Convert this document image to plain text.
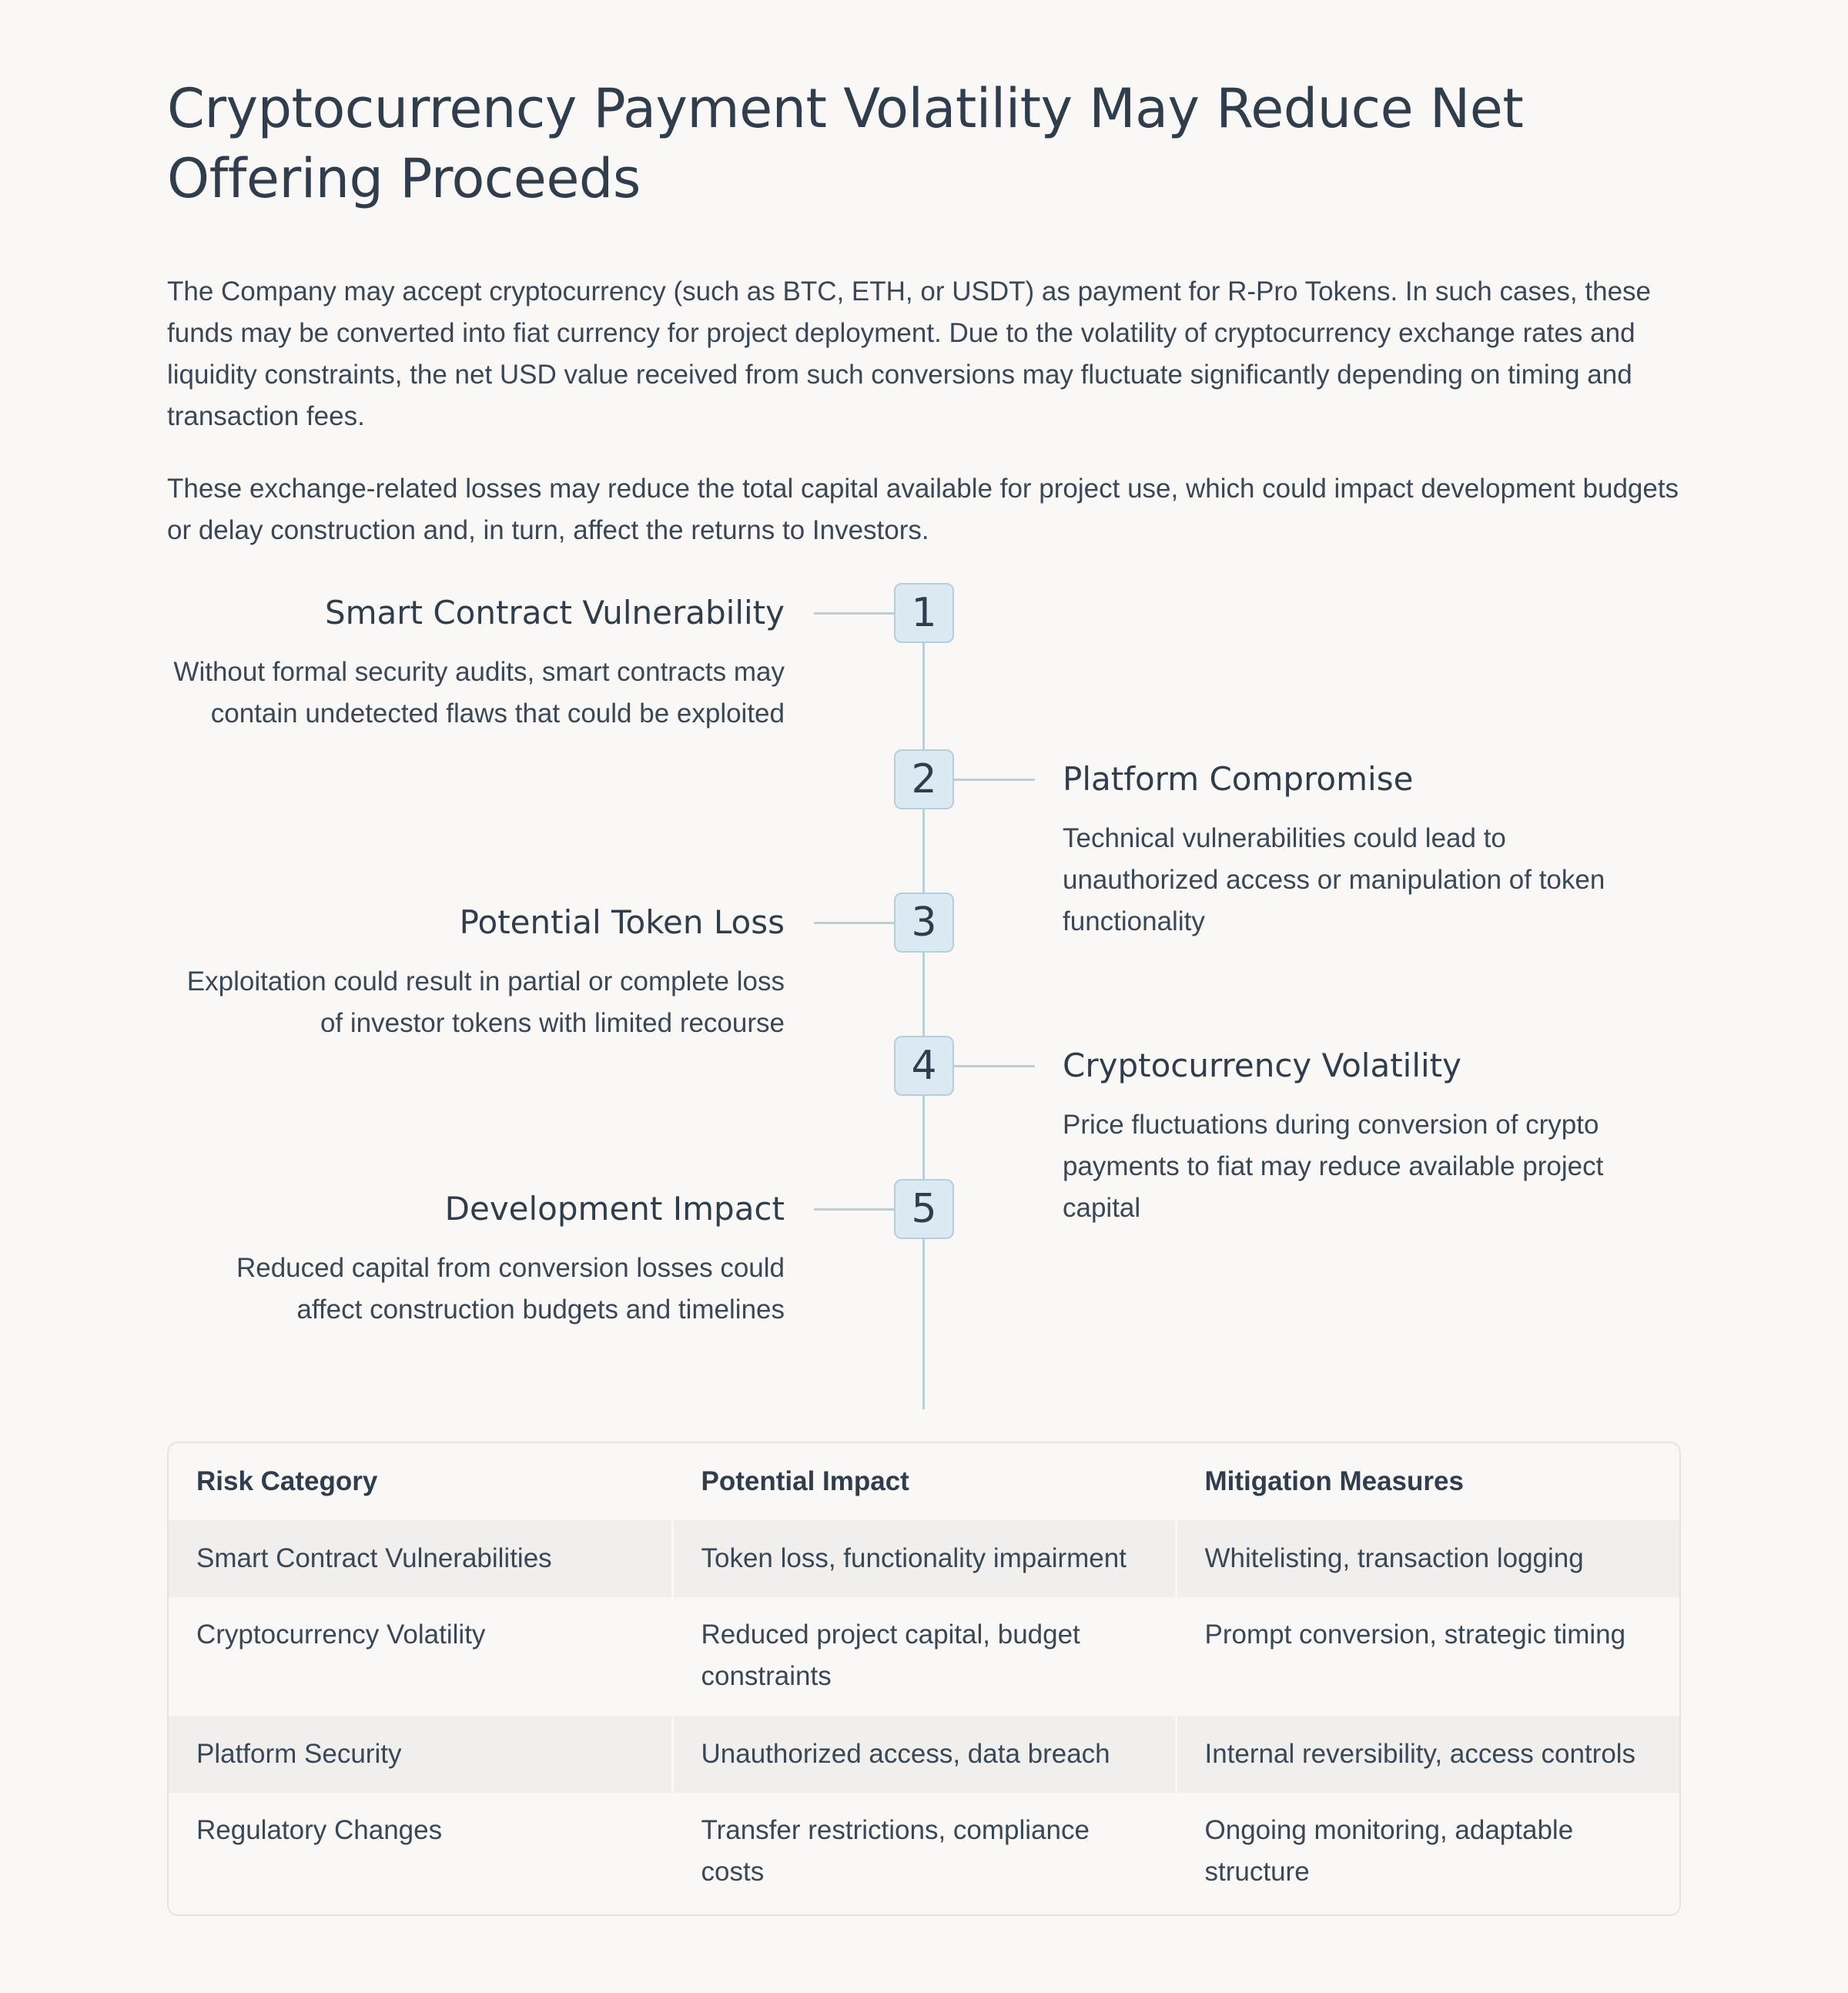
Cryptocurrency Payment Volatility May Reduce Net Offering Proceeds

The Company may accept cryptocurrency (such as BTC, ETH, or USDT) as payment for R-Pro Tokens. In such cases, these funds may be converted into fiat currency for project deployment. Due to the volatility of cryptocurrency exchange rates and liquidity constraints, the net USD value received from such conversions may fluctuate significantly depending on timing and transaction fees.

These exchange-related losses may reduce the total capital available for project use, which could impact development budgets or delay construction and, in turn, affect the returns to Investors.

1
Smart Contract Vulnerability
Without formal security audits, smart contracts may contain undetected flaws that could be exploited
2	Platform Compromise
Technical vulnerabilities could lead to unauthorized access or manipulation of token functionality
3
Potential Token Loss
Exploitation could result in partial or complete loss of investor tokens with limited recourse
4	Cryptocurrency Volatility
Price fluctuations during conversion of crypto payments to fiat may reduce available project capital
5
Development Impact
Reduced capital from conversion losses could affect construction budgets and timelines
Risk Category	Potential Impact	Mitigation Measures
Smart Contract Vulnerabilities	Token loss, functionality impairment	Whitelisting, transaction logging
Cryptocurrency Volatility	Reduced project capital, budget constraints	Prompt conversion, strategic timing
Platform Security	Unauthorized access, data breach	Internal reversibility, access controls
Regulatory Changes	Transfer restrictions, compliance costs	Ongoing monitoring, adaptable structure
